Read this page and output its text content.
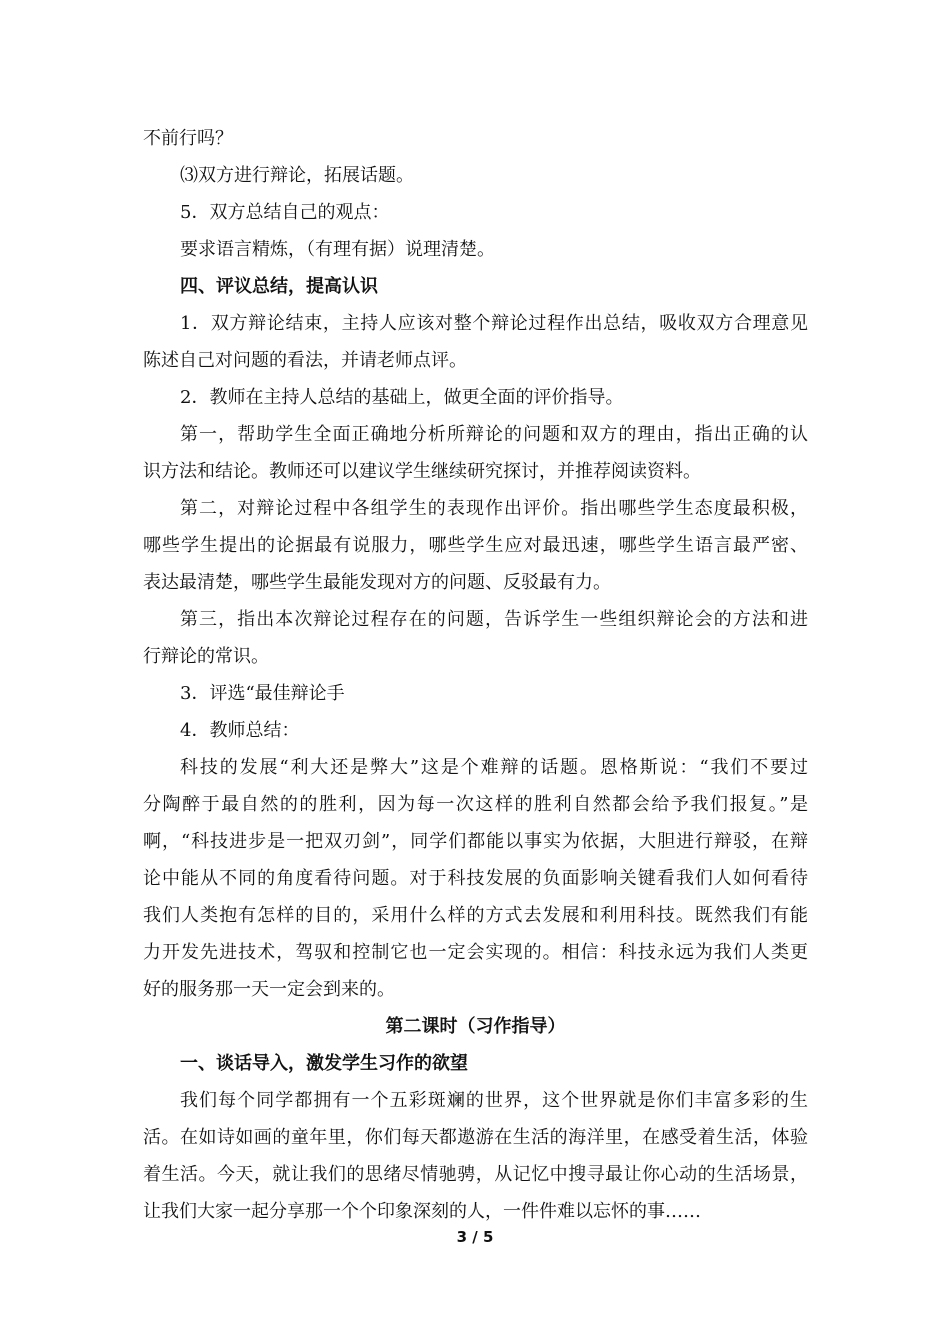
不前行吗？
⑶双方进行辩论，拓展话题。
5．双方总结自己的观点：
要求语言精炼，（有理有据）说理清楚。
四、评议总结，提高认识
1．双方辩论结束，主持人应该对整个辩论过程作出总结，吸收双方合理意见
陈述自己对问题的看法，并请老师点评。
2．教师在主持人总结的基础上，做更全面的评价指导。
第一，帮助学生全面正确地分析所辩论的问题和双方的理由，指出正确的认
识方法和结论。教师还可以建议学生继续研究探讨，并推荐阅读资料。
第二，对辩论过程中各组学生的表现作出评价。指出哪些学生态度最积极，
哪些学生提出的论据最有说服力，哪些学生应对最迅速，哪些学生语言最严密、
表达最清楚，哪些学生最能发现对方的问题、反驳最有力。
第三，指出本次辩论过程存在的问题，告诉学生一些组织辩论会的方法和进
行辩论的常识。
3．评选“最佳辩论手
4．教师总结：
科技的发展“利大还是弊大”这是个难辩的话题。恩格斯说：“我们不要过
分陶醉于最自然的的胜利，因为每一次这样的胜利自然都会给予我们报复。”是
啊，“科技进步是一把双刃剑”，同学们都能以事实为依据，大胆进行辩驳，在辩
论中能从不同的角度看待问题。对于科技发展的负面影响关键看我们人如何看待
我们人类抱有怎样的目的，采用什么样的方式去发展和利用科技。既然我们有能
力开发先进技术，驾驭和控制它也一定会实现的。相信：科技永远为我们人类更
好的服务那一天一定会到来的。
第二课时（习作指导）
一、谈话导入，激发学生习作的欲望
我们每个同学都拥有一个五彩斑斓的世界，这个世界就是你们丰富多彩的生
活。在如诗如画的童年里，你们每天都遨游在生活的海洋里，在感受着生活，体验
着生活。今天，就让我们的思绪尽情驰骋，从记忆中搜寻最让你心动的生活场景，
让我们大家一起分享那一个个印象深刻的人，一件件难以忘怀的事……
3 / 5
